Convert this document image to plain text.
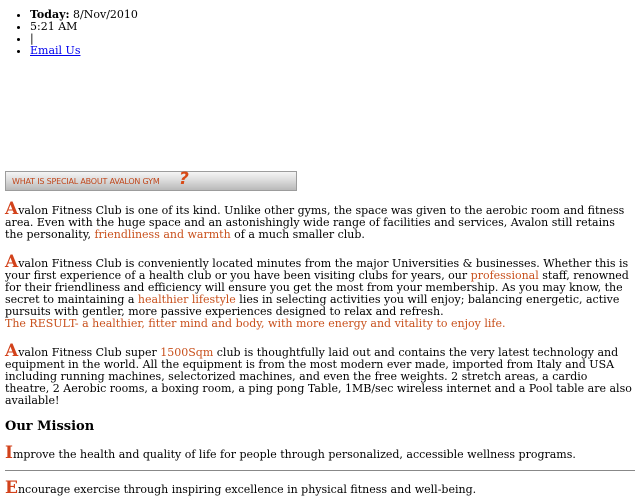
• Today: 8/Nov/2010
• 5:21 AM
• |
• Email Us
WHAT IS SPECIAL ABOUT AVALON GYM ?

Avalon Fitness Club is one of its kind. Unlike other gyms, the space was given to the aerobic room and fitness area. Even with the huge space and an astonishingly wide range of facilities and services, Avalon still retains the personality, friendliness and warmth of a much smaller club.

Avalon Fitness Club is conveniently located minutes from the major Universities & businesses. Whether this is your first experience of a health club or you have been visiting clubs for years, our professional staff, renowned for their friendliness and efficiency will ensure you get the most from your membership. As you may know, the secret to maintaining a healthier lifestyle lies in selecting activities you will enjoy; balancing energetic, active pursuits with gentler, more passive experiences designed to relax and refresh.
The RESULT- a healthier, fitter mind and body, with more energy and vitality to enjoy life.

Avalon Fitness Club super 1500Sqm club is thoughtfully laid out and contains the very latest technology and equipment in the world. All the equipment is from the most modern ever made, imported from Italy and USA including running machines, selectorized machines, and even the free weights. 2 stretch areas, a cardio theatre, 2 Aerobic rooms, a boxing room, a ping pong Table, 1MB/sec wireless internet and a Pool table are also available!

Our Mission

Improve the health and quality of life for people through personalized, accessible wellness programs.

Encourage exercise through inspiring excellence in physical fitness and well-being.
